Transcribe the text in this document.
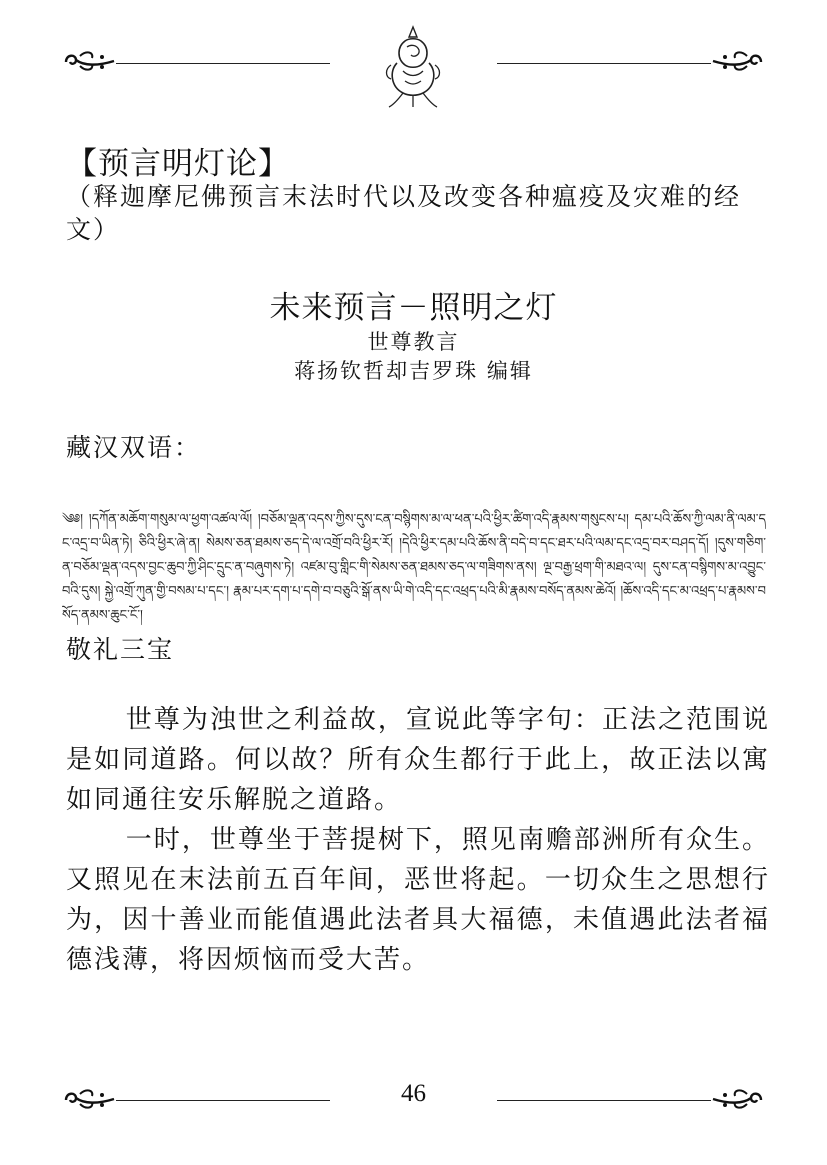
【预言明灯论】
（释迦摩尼佛预言末法时代以及改变各种瘟疫及灾难的经文）
未来预言－照明之灯
世尊教言
蒋扬钦哲却吉罗珠 编辑
藏汉双语：
༄༅། །དཀོན་མཆོག་གསུམ་ལ་ཕྱག་འཚལ་ལོ། །བཅོམ་ལྡན་འདས་ཀྱིས་དུས་ངན་བསྙིགས་མ་ལ་ཕན་པའི་ཕྱིར་ཚིག་འདི་རྣམས་གསུངས་པ། དམ་པའི་ཆོས་ཀྱི་ལམ་ནི་ལམ་དང་འདྲ་བ་ཡིན་ཏེ། ཅིའི་ཕྱིར་ཞེ་ན། སེམས་ཅན་ཐམས་ཅད་དེ་ལ་འགྲོ་བའི་ཕྱིར་རོ། །དེའི་ཕྱིར་དམ་པའི་ཆོས་ནི་བདེ་བ་དང་ཐར་པའི་ལམ་དང་འདྲ་བར་བཤད་དོ། །དུས་གཅིག་ན་བཅོམ་ལྡན་འདས་བྱང་ཆུབ་ཀྱི་ཤིང་དྲུང་ན་བཞུགས་ཏེ། འཛམ་བུ་གླིང་གི་སེམས་ཅན་ཐམས་ཅད་ལ་གཟིགས་ནས། ལྔ་བརྒྱ་ཕྲག་གི་མཐའ་ལ། དུས་ངན་བསྙིགས་མ་འབྱུང་བའི་དུས། སྐྱེ་འགྲོ་ཀུན་གྱི་བསམ་པ་དང་། རྣམ་པར་དག་པ་དགེ་བ་བཅུའི་སྒོ་ནས་ཡི་གེ་འདི་དང་འཕྲད་པའི་མི་རྣམས་བསོད་ནམས་ཆེའོ། །ཆོས་འདི་དང་མ་འཕྲད་པ་རྣམས་བསོད་ནམས་ཆུང་ངོ་།
敬礼三宝

世尊为浊世之利益故，宣说此等字句：正法之范围说是如同道路。何以故？所有众生都行于此上，故正法以寓如同通往安乐解脱之道路。

一时，世尊坐于菩提树下，照见南赡部洲所有众生。又照见在末法前五百年间，恶世将起。一切众生之思想行为，因十善业而能值遇此法者具大福德，未值遇此法者福德浅薄，将因烦恼而受大苦。

46
